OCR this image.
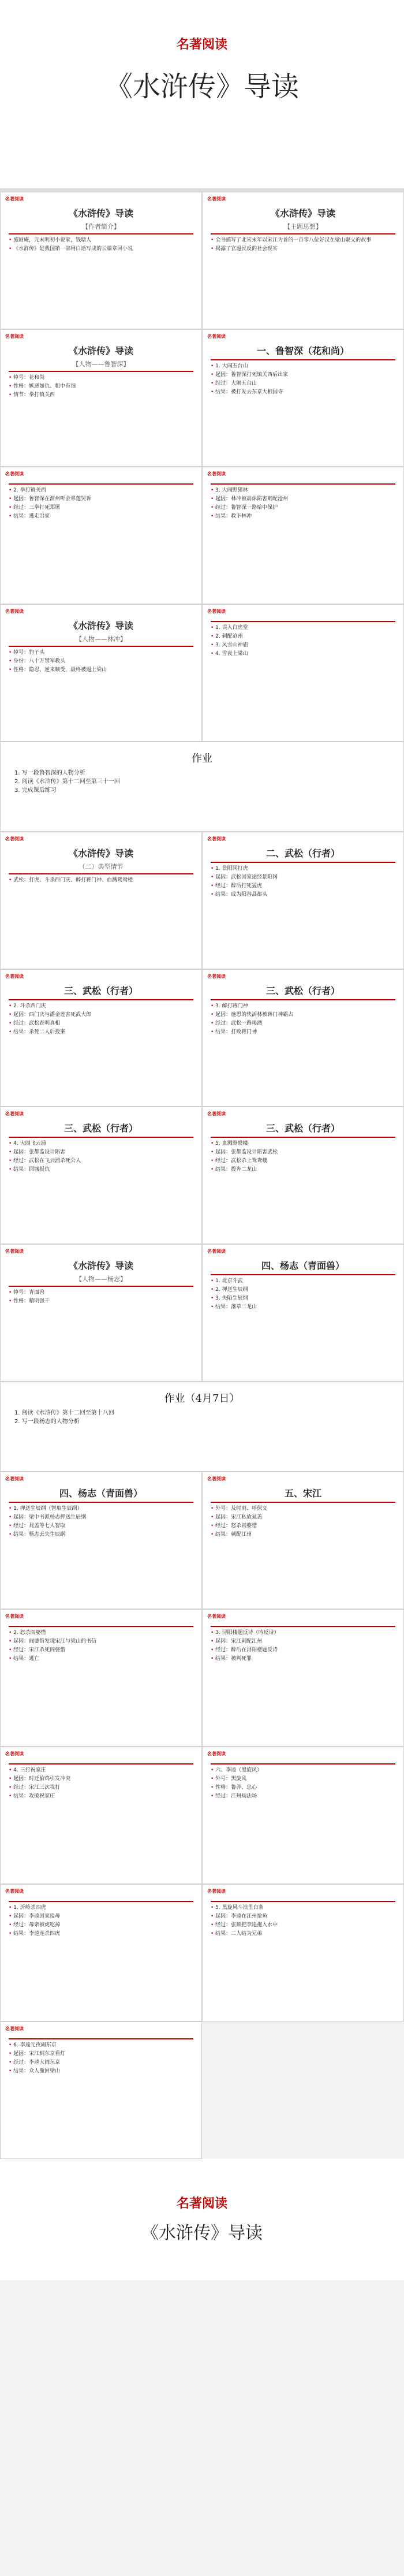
名著阅读
《水浒传》导读
名著阅读
《水浒传》导读
【作者简介】
• 施耐庵，元末明初小说家，钱塘人
• 《水浒传》是我国第一部用白话写成的长篇章回小说
名著阅读
《水浒传》导读
【主题思想】
• 全书描写了北宋末年以宋江为首的一百零八位好汉在梁山聚义的故事
• 揭露了官逼民反的社会现实
名著阅读
《水浒传》导读
【人物——鲁智深】
• 绰号：花和尚
• 性格：嫉恶如仇、粗中有细
• 情节：拳打镇关西
名著阅读
一、鲁智深（花和尚）
• 1. 大闹五台山
• 起因：鲁智深打死镇关西后出家
• 经过：大闹五台山
• 结果：被打发去东京大相国寺
名著阅读
• 2. 拳打镇关西
• 起因：鲁智深在渭州听金翠莲哭诉
• 经过：三拳打死郑屠
• 结果：逃走出家
名著阅读
• 3. 大闹野猪林
• 起因：林冲被高俅陷害刺配沧州
• 经过：鲁智深一路暗中保护
• 结果：救下林冲
名著阅读
《水浒传》导读
【人物——林冲】
• 绰号：豹子头
• 身份：八十万禁军教头
• 性格：隐忍、逆来顺受，最终被逼上梁山
名著阅读
• 1. 误入白虎堂
• 2. 刺配沧州
• 3. 风雪山神庙
• 4. 雪夜上梁山
作业
1. 写一段鲁智深的人物分析
2. 阅读《水浒传》第十二回至第三十一回
3. 完成课后练习
名著阅读
《水浒传》导读
（二）典型情节
• 武松：打虎、斗杀西门庆、醉打蒋门神、血溅鸳鸯楼
名著阅读
二、武松（行者）
• 1. 景阳冈打虎
• 起因：武松回家途经景阳冈
• 经过：醉后打死猛虎
• 结果：成为阳谷县都头
名著阅读
三、武松（行者）
• 2. 斗杀西门庆
• 起因：西门庆与潘金莲害死武大郎
• 经过：武松查明真相
• 结果：杀死二人后投案
名著阅读
三、武松（行者）
• 3. 醉打蒋门神
• 起因：施恩的快活林被蒋门神霸占
• 经过：武松一路喝酒
• 结果：打败蒋门神
名著阅读
三、武松（行者）
• 4. 大闹飞云浦
• 起因：张都监设计陷害
• 经过：武松在飞云浦杀死公人
• 结果：回城报仇
名著阅读
三、武松（行者）
• 5. 血溅鸳鸯楼
• 起因：张都监设计陷害武松
• 经过：武松杀上鸳鸯楼
• 结果：投奔二龙山
名著阅读
《水浒传》导读
【人物——杨志】
• 绰号：青面兽
• 性格：精明强干
名著阅读
四、杨志（青面兽）
• 1. 北京斗武
• 2. 押送生辰纲
• 3. 失陷生辰纲
• 结果：落草二龙山
作业（4月7日）
1. 阅读《水浒传》第十二回至第十八回
2. 写一段杨志的人物分析
名著阅读
四、杨志（青面兽）
• 1. 押送生辰纲（智取生辰纲）
• 起因：梁中书派杨志押送生辰纲
• 经过：晁盖等七人智取
• 结果：杨志丢失生辰纲
名著阅读
五、宋江
• 外号：及时雨、呼保义
• 起因：宋江私放晁盖
• 经过：怒杀阎婆惜
• 结果：刺配江州
名著阅读
• 2. 怒杀阎婆惜
• 起因：阎婆惜发现宋江与梁山的书信
• 经过：宋江杀死阎婆惜
• 结果：逃亡
名著阅读
• 3. 浔阳楼题反诗（吟反诗）
• 起因：宋江刺配江州
• 经过：醉后在浔阳楼题反诗
• 结果：被判死罪
名著阅读
• 4. 三打祝家庄
• 起因：时迁偷鸡引发冲突
• 经过：宋江三次攻打
• 结果：攻破祝家庄
名著阅读
• 六、李逵（黑旋风）
• 外号：黑旋风
• 性格：鲁莽、忠心
• 经过：江州劫法场
名著阅读
• 1. 沂岭杀四虎
• 起因：李逵回家接母
• 经过：母亲被虎吃掉
• 结果：李逵连杀四虎
名著阅读
• 5. 黑旋风斗浪里白条
• 起因：李逵在江州抢鱼
• 经过：张顺把李逵拖入水中
• 结果：二人结为兄弟
名著阅读
• 6. 李逵元夜闹东京
• 起因：宋江到东京看灯
• 经过：李逵大闹东京
• 结果：众人撤回梁山
名著阅读
《水浒传》导读
